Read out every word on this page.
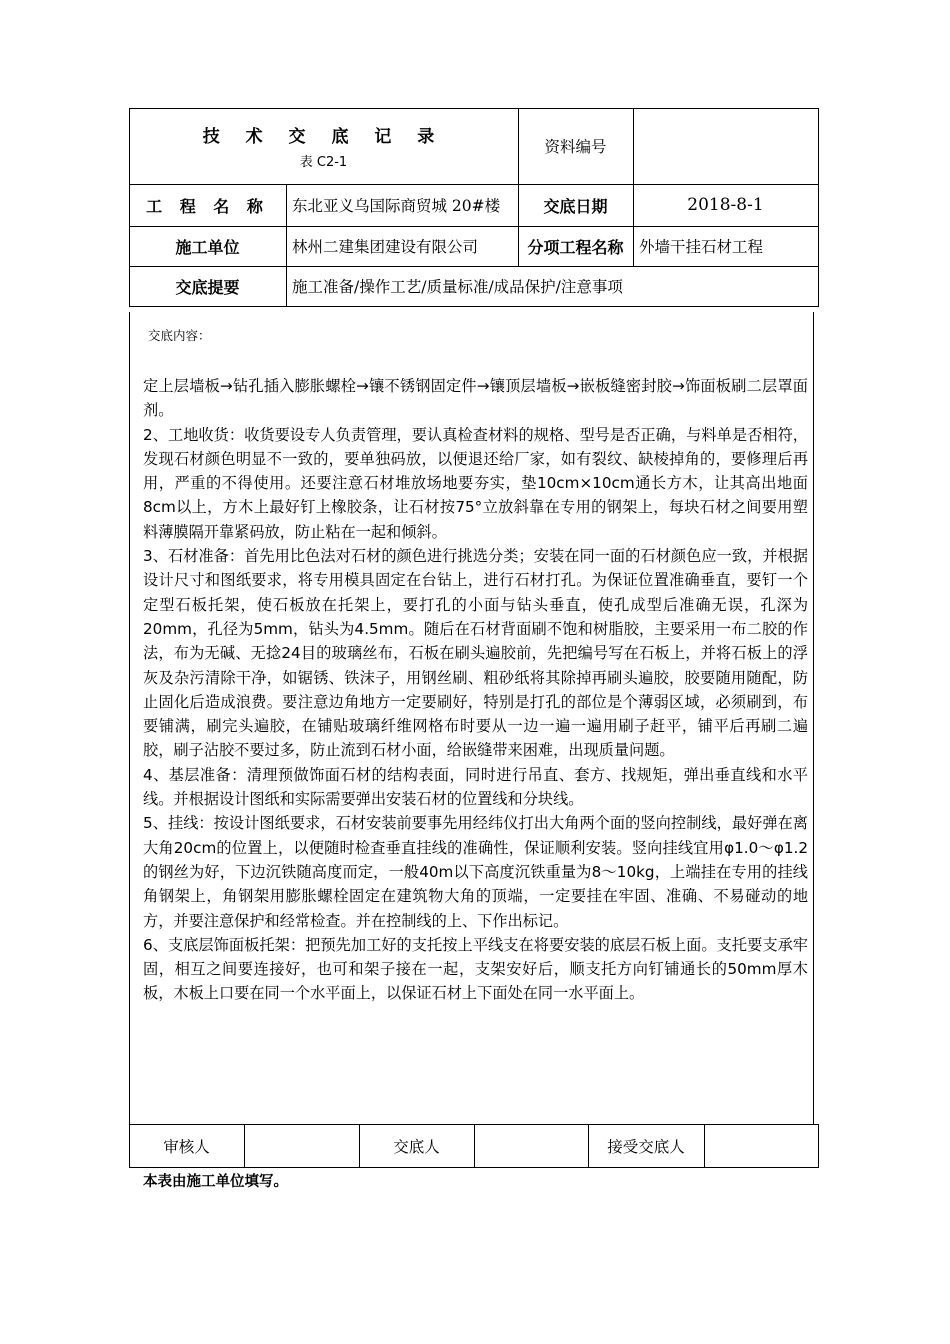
技 术 交 底 记 录
表 C2-1
资料编号
工 程 名 称	东北亚义乌国际商贸城 20#楼	交底日期	2018-8-1
施工单位	林州二建集团建设有限公司	分项工程名称	外墙干挂石材工程
交底提要	施工准备/操作工艺/质量标准/成品保护/注意事项
交底内容：

定上层墙板→钻孔插入膨胀螺栓→镶不锈钢固定件→镶顶层墙板→嵌板缝密封胶→饰面板刷二层罩面剂。

2、工地收货：收货要设专人负责管理，要认真检查材料的规格、型号是否正确，与料单是否相符，发现石材颜色明显不一致的，要单独码放，以便退还给厂家，如有裂纹、缺棱掉角的，要修理后再用，严重的不得使用。还要注意石材堆放场地要夯实，垫10cm×10cm通长方木，让其高出地面8cm以上，方木上最好钉上橡胶条，让石材按75°立放斜靠在专用的钢架上，每块石材之间要用塑料薄膜隔开靠紧码放，防止粘在一起和倾斜。

3、石材准备：首先用比色法对石材的颜色进行挑选分类；安装在同一面的石材颜色应一致，并根据设计尺寸和图纸要求，将专用模具固定在台钻上，进行石材打孔。为保证位置准确垂直，要钉一个定型石板托架，使石板放在托架上，要打孔的小面与钻头垂直，使孔成型后准确无误，孔深为20mm，孔径为5mm，钻头为4.5mm。随后在石材背面刷不饱和树脂胶，主要采用一布二胶的作法，布为无碱、无捻24目的玻璃丝布，石板在刷头遍胶前，先把编号写在石板上，并将石板上的浮灰及杂污清除干净，如锯锈、铁沫子，用钢丝刷、粗砂纸将其除掉再刷头遍胶，胶要随用随配，防止固化后造成浪费。要注意边角地方一定要刷好，特别是打孔的部位是个薄弱区域，必须刷到，布要铺满，刷完头遍胶，在铺贴玻璃纤维网格布时要从一边一遍一遍用刷子赶平，铺平后再刷二遍胶，刷子沾胶不要过多，防止流到石材小面，给嵌缝带来困难，出现质量问题。

4、基层准备：清理预做饰面石材的结构表面，同时进行吊直、套方、找规矩，弹出垂直线和水平线。并根据设计图纸和实际需要弹出安装石材的位置线和分块线。

5、挂线：按设计图纸要求，石材安装前要事先用经纬仪打出大角两个面的竖向控制线，最好弹在离大角20cm的位置上，以便随时检查垂直挂线的准确性，保证顺利安装。竖向挂线宜用φ1.0～φ1.2的钢丝为好，下边沉铁随高度而定，一般40m以下高度沉铁重量为8～10kg，上端挂在专用的挂线角钢架上，角钢架用膨胀螺栓固定在建筑物大角的顶端，一定要挂在牢固、准确、不易碰动的地方，并要注意保护和经常检查。并在控制线的上、下作出标记。

6、支底层饰面板托架：把预先加工好的支托按上平线支在将要安装的底层石板上面。支托要支承牢固，相互之间要连接好，也可和架子接在一起，支架安好后，顺支托方向钉铺通长的50mm厚木板，木板上口要在同一个水平面上，以保证石材上下面处在同一水平面上。

审核人	交底人	接受交底人
本表由施工单位填写。
